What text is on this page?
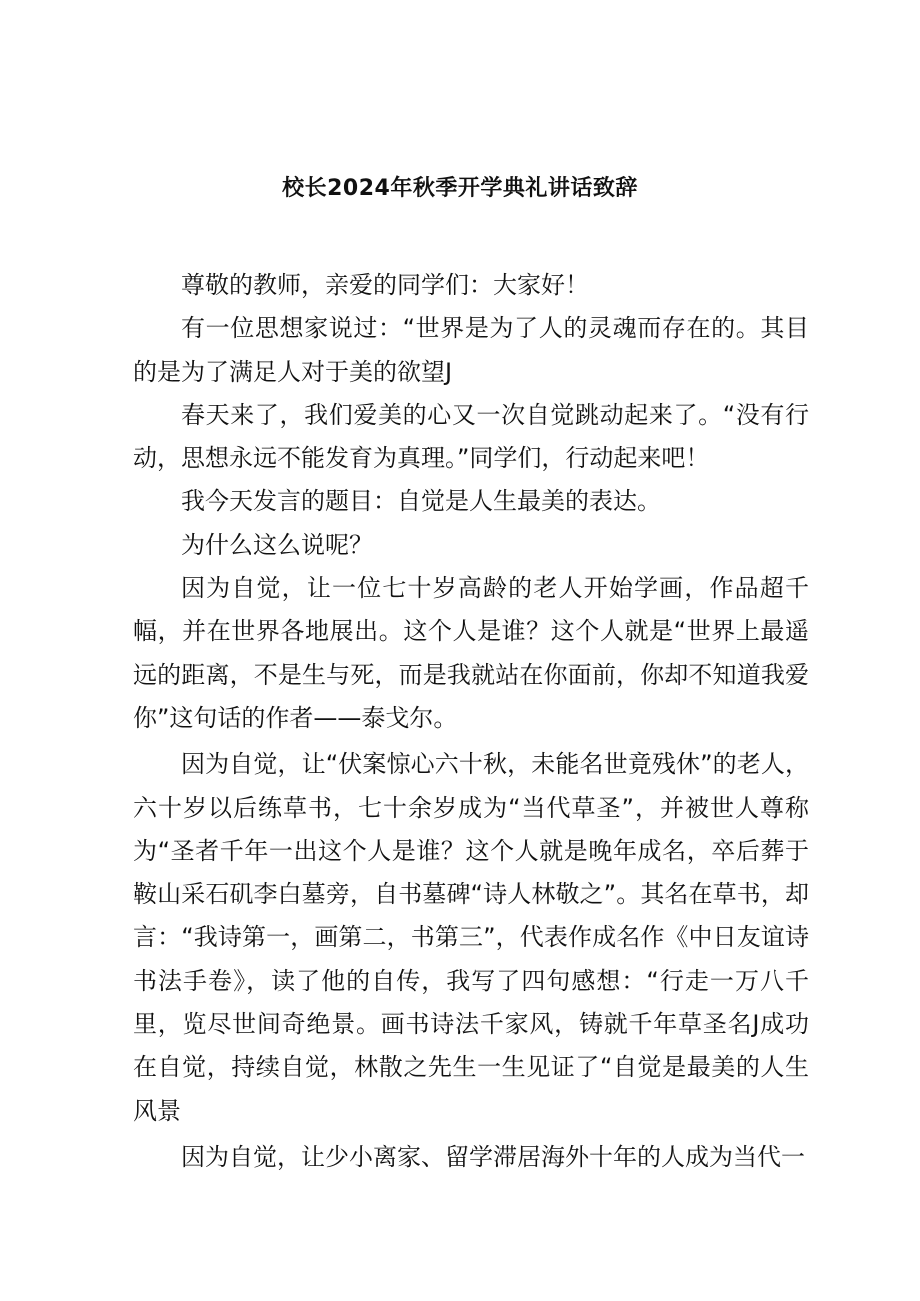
校长2024年秋季开学典礼讲话致辞

尊敬的教师，亲爱的同学们：大家好！

有一位思想家说过：“世界是为了人的灵魂而存在的。其目的是为了满足人对于美的欲望J

春天来了，我们爱美的心又一次自觉跳动起来了。“没有行动，思想永远不能发育为真理。”同学们，行动起来吧！

我今天发言的题目：自觉是人生最美的表达。

为什么这么说呢？

因为自觉，让一位七十岁高龄的老人开始学画，作品超千幅，并在世界各地展出。这个人是谁？这个人就是“世界上最遥远的距离，不是生与死，而是我就站在你面前，你却不知道我爱你”这句话的作者——泰戈尔。

因为自觉，让“伏案惊心六十秋，未能名世竟残休”的老人，六十岁以后练草书，七十余岁成为“当代草圣”，并被世人尊称为“圣者千年一出这个人是谁？这个人就是晚年成名，卒后葬于鞍山采石矶李白墓旁，自书墓碑“诗人林敬之”。其名在草书，却言：“我诗第一，画第二，书第三”，代表作成名作《中日友谊诗书法手卷》，读了他的自传，我写了四句感想：“行走一万八千里，览尽世间奇绝景。画书诗法千家风，铸就千年草圣名J成功在自觉，持续自觉，林散之先生一生见证了“自觉是最美的人生风景

因为自觉，让少小离家、留学滞居海外十年的人成为当代一
